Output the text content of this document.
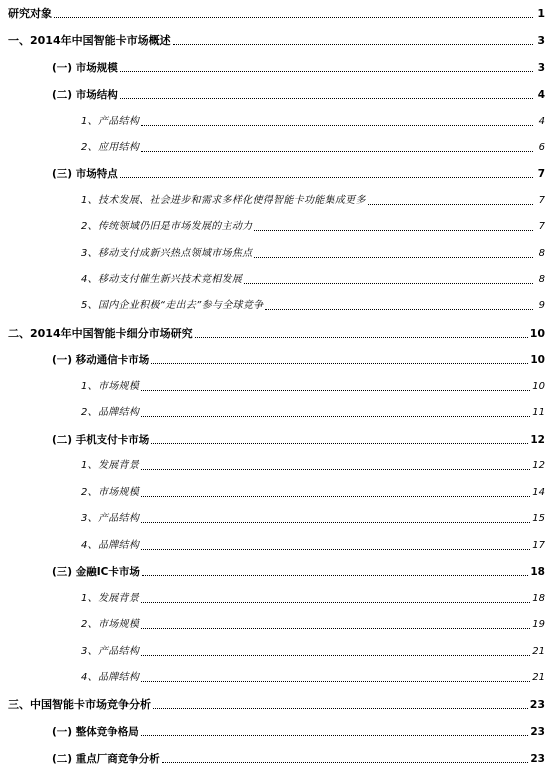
研究对象	1
一、2014年中国智能卡市场概述	3
(一) 市场规模	3
(二) 市场结构	4
1、产品结构	4
2、应用结构	6
(三) 市场特点	7
1、技术发展、社会进步和需求多样化使得智能卡功能集成更多	7
2、传统领域仍旧是市场发展的主动力	7
3、移动支付成新兴热点领域市场焦点	8
4、移动支付催生新兴技术竞相发展	8
5、国内企业积极“走出去”参与全球竞争	9
二、2014年中国智能卡细分市场研究	10
(一) 移动通信卡市场	10
1、市场规模	10
2、品牌结构	11
(二) 手机支付卡市场	12
1、发展背景	12
2、市场规模	14
3、产品结构	15
4、品牌结构	17
(三) 金融IC卡市场	18
1、发展背景	18
2、市场规模	19
3、产品结构	21
4、品牌结构	21
三、中国智能卡市场竞争分析	23
(一) 整体竞争格局	23
(二) 重点厂商竞争分析	23
